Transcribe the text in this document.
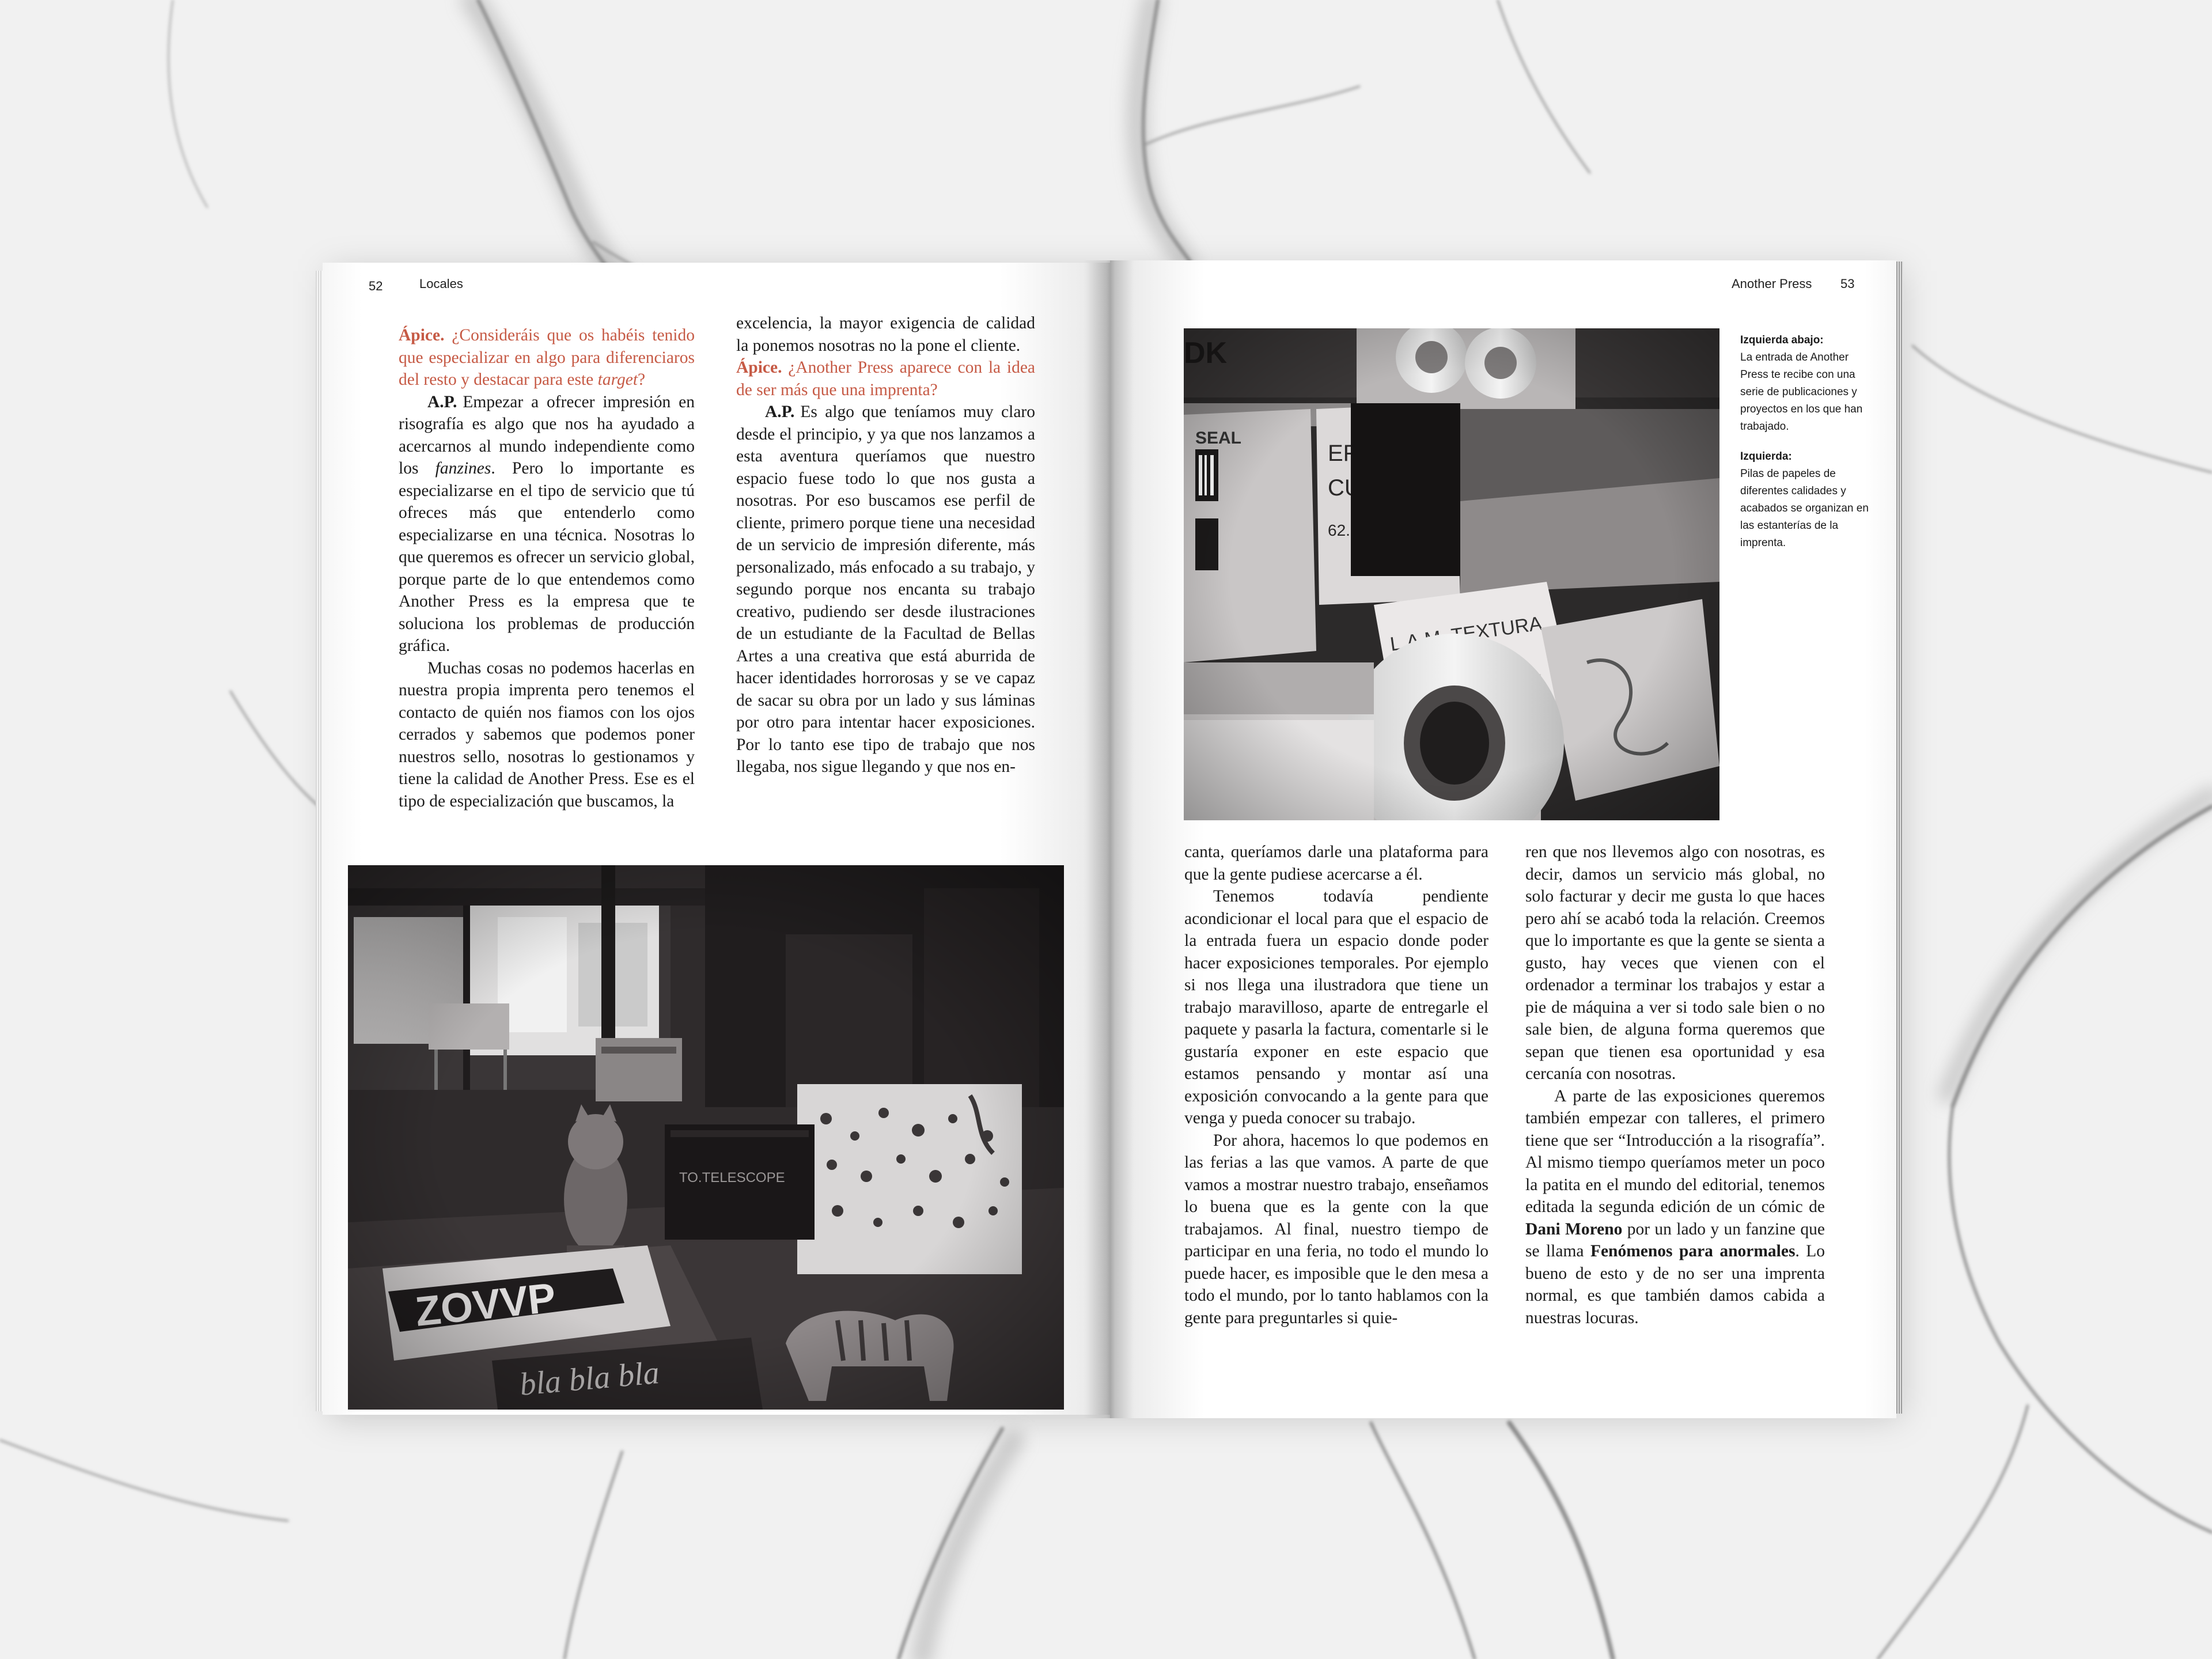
52	Locales

Ápice. ¿Consideráis que os habéis tenido que especializar en algo para diferenciaros del resto y destacar para este target?

A.P. Empezar a ofrecer impresión en risografía es algo que nos ha ayudado a acercarnos al mundo independiente como los fanzines. Pero lo importante es especializarse en el tipo de servicio que tú ofreces más que entenderlo como especializarse en una técnica. Nosotras lo que queremos es ofrecer un servicio global, porque parte de lo que entendemos como Another Press es la empresa que te soluciona los problemas de producción gráfica.

Muchas cosas no podemos hacerlas en nuestra propia imprenta pero tenemos el contacto de quién nos fiamos con los ojos cerrados y sabemos que podemos poner nuestros sello, nosotras lo gestionamos y tiene la calidad de Another Press. Ese es el tipo de especialización que buscamos, la

excelencia, la mayor exigencia de calidad la ponemos nosotras no la pone el cliente.

Ápice. ¿Another Press aparece con la idea de ser más que una imprenta?

A.P. Es algo que teníamos muy claro desde el principio, y ya que nos lanzamos a esta aventura queríamos que nuestro espacio fuese todo lo que nos gusta a nosotras. Por eso buscamos ese perfil de cliente, primero porque tiene una necesidad de un servicio de impresión diferente, más personalizado, más enfocado a su trabajo, y segundo porque nos encanta su trabajo creativo, pudiendo ser desde ilustraciones de un estudiante de la Facultad de Bellas Artes a una creativa que está aburrida de hacer identidades horrorosas y se ve capaz de sacar su obra por un lado y sus láminas por otro para intentar hacer exposiciones. Por lo tanto ese tipo de trabajo que nos llegaba, nos sigue llegando y que nos en-

Another Press 53
Izquierda abajo:
La entrada de Another Press te recibe con una serie de publicaciones y proyectos en los que han trabajado.
Izquierda:
Pilas de papeles de diferentes calidades y acabados se organizan en las estanterías de la imprenta.

canta, queríamos darle una plataforma para que la gente pudiese acercarse a él.

Tenemos todavía pendiente acondicionar el local para que el espacio de la entrada fuera un espacio donde poder hacer exposiciones temporales. Por ejemplo si nos llega una ilustradora que tiene un trabajo maravilloso, aparte de entregarle el paquete y pasarla la factura, comentarle si le gustaría exponer en este espacio que estamos pensando y montar así una exposición convocando a la gente para que venga y pueda conocer su trabajo.

Por ahora, hacemos lo que podemos en las ferias a las que vamos. A parte de que vamos a mostrar nuestro trabajo, enseñamos lo buena que es la gente con la que trabajamos. Al final, nuestro tiempo de participar en una feria, no todo el mundo lo puede hacer, es imposible que le den mesa a todo el mundo, por lo tanto hablamos con la gente para preguntarles si quie-

ren que nos llevemos algo con nosotras, es decir, damos un servicio más global, no solo facturar y decir me gusta lo que haces pero ahí se acabó toda la relación. Creemos que lo importante es que la gente se sienta a gusto, hay veces que vienen con el ordenador a terminar los trabajos y estar a pie de máquina a ver si todo sale bien o no sale bien, de alguna forma queremos que sepan que tienen esa oportunidad y esa cercanía con nosotras.

A parte de las exposiciones queremos también empezar con talleres, el primero tiene que ser “Introducción a la risografía”. Al mismo tiempo queríamos meter un poco la patita en el mundo del editorial, tenemos editada la segunda edición de un cómic de Dani Moreno por un lado y un fanzine que se llama Fenómenos para anormales. Lo bueno de esto y de no ser una imprenta normal, es que también damos cabida a nuestras locuras.
